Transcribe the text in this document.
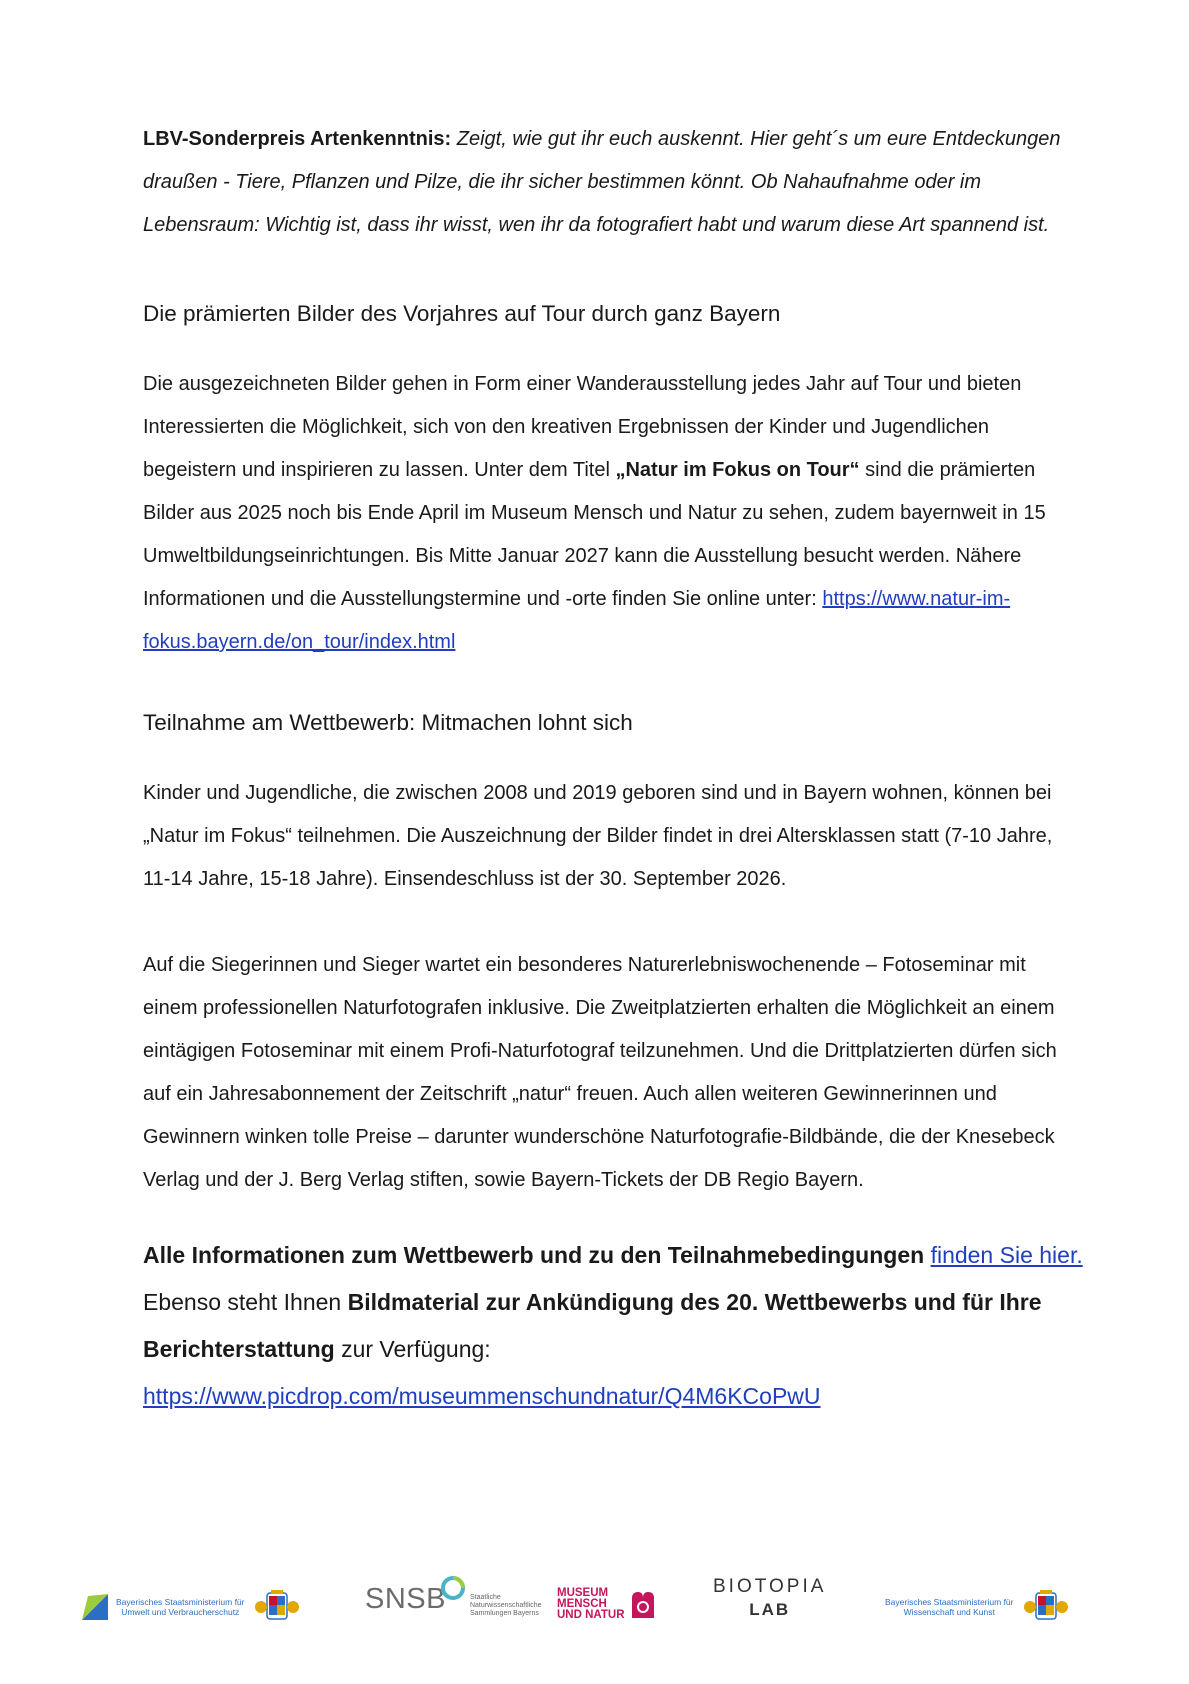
LBV-Sonderpreis Artenkenntnis: Zeigt, wie gut ihr euch auskennt. Hier geht´s um eure Entdeckungen draußen - Tiere, Pflanzen und Pilze, die ihr sicher bestimmen könnt. Ob Nahaufnahme oder im Lebensraum: Wichtig ist, dass ihr wisst, wen ihr da fotografiert habt und warum diese Art spannend ist.

Die prämierten Bilder des Vorjahres auf Tour durch ganz Bayern

Die ausgezeichneten Bilder gehen in Form einer Wanderausstellung jedes Jahr auf Tour und bieten Interessierten die Möglichkeit, sich von den kreativen Ergebnissen der Kinder und Jugendlichen begeistern und inspirieren zu lassen. Unter dem Titel „Natur im Fokus on Tour“ sind die prämierten Bilder aus 2025 noch bis Ende April im Museum Mensch und Natur zu sehen, zudem bayernweit in 15 Umweltbildungseinrichtungen. Bis Mitte Januar 2027 kann die Ausstellung besucht werden. Nähere Informationen und die Ausstellungstermine und -orte finden Sie online unter: https://www.natur-im-fokus.bayern.de/on_tour/index.html

Teilnahme am Wettbewerb: Mitmachen lohnt sich

Kinder und Jugendliche, die zwischen 2008 und 2019 geboren sind und in Bayern wohnen, können bei „Natur im Fokus“ teilnehmen. Die Auszeichnung der Bilder findet in drei Altersklassen statt (7-10 Jahre, 11-14 Jahre, 15-18 Jahre). Einsendeschluss ist der 30. September 2026.

Auf die Siegerinnen und Sieger wartet ein besonderes Naturerlebniswochenende – Fotoseminar mit einem professionellen Naturfotografen inklusive. Die Zweitplatzierten erhalten die Möglichkeit an einem eintägigen Fotoseminar mit einem Profi-Naturfotograf teilzunehmen. Und die Drittplatzierten dürfen sich auf ein Jahresabonnement der Zeitschrift „natur“ freuen. Auch allen weiteren Gewinnerinnen und Gewinnern winken tolle Preise – darunter wunderschöne Naturfotografie-Bildbände, die der Knesebeck Verlag und der J. Berg Verlag stiften, sowie Bayern-Tickets der DB Regio Bayern.

Alle Informationen zum Wettbewerb und zu den Teilnahmebedingungen finden Sie hier. Ebenso steht Ihnen Bildmaterial zur Ankündigung des 20. Wettbewerbs und für Ihre Berichterstattung zur Verfügung:
https://www.picdrop.com/museummenschundnatur/Q4M6KCoPwU

Bayerisches Staatsministerium für
Umwelt und Verbraucherschutz	SNSB	Staatliche
Naturwissenschaftliche
Sammlungen Bayerns
MUSEUM
MENSCH
UND NATUR
BIOTOPIA
LAB	Bayerisches Staatsministerium für
Wissenschaft und Kunst
